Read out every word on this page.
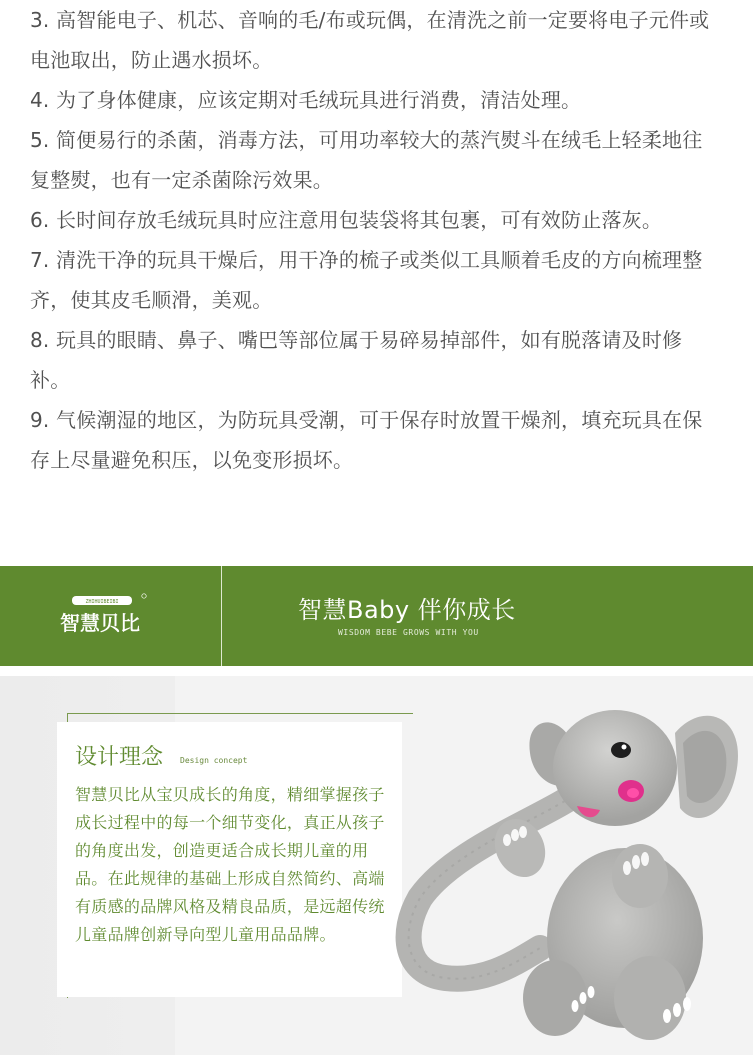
3. 高智能电子、机芯、音响的毛/布或玩偶，在清洗之前一定要将电子元件或电池取出，防止遇水损坏。

4. 为了身体健康，应该定期对毛绒玩具进行消费，清洁处理。

5. 简便易行的杀菌，消毒方法，可用功率较大的蒸汽熨斗在绒毛上轻柔地往复整熨，也有一定杀菌除污效果。

6. 长时间存放毛绒玩具时应注意用包装袋将其包裹，可有效防止落灰。

7. 清洗干净的玩具干燥后，用干净的梳子或类似工具顺着毛皮的方向梳理整齐，使其皮毛顺滑，美观。

8. 玩具的眼睛、鼻子、嘴巴等部位属于易碎易掉部件，如有脱落请及时修补。

9. 气候潮湿的地区，为防玩具受潮，可于保存时放置干燥剂，填充玩具在保存上尽量避免积压，以免变形损坏。

ZHIHUIBEIBI
智慧贝比	智慧Baby 伴你成长
WISDOM BEBE GROWS WITH YOU
设计理念 Design concept

智慧贝比从宝贝成长的角度，精细掌握孩子成长过程中的每一个细节变化，真正从孩子的角度出发，创造更适合成长期儿童的用品。在此规律的基础上形成自然简约、高端有质感的品牌风格及精良品质，是远超传统儿童品牌创新导向型儿童用品品牌。
